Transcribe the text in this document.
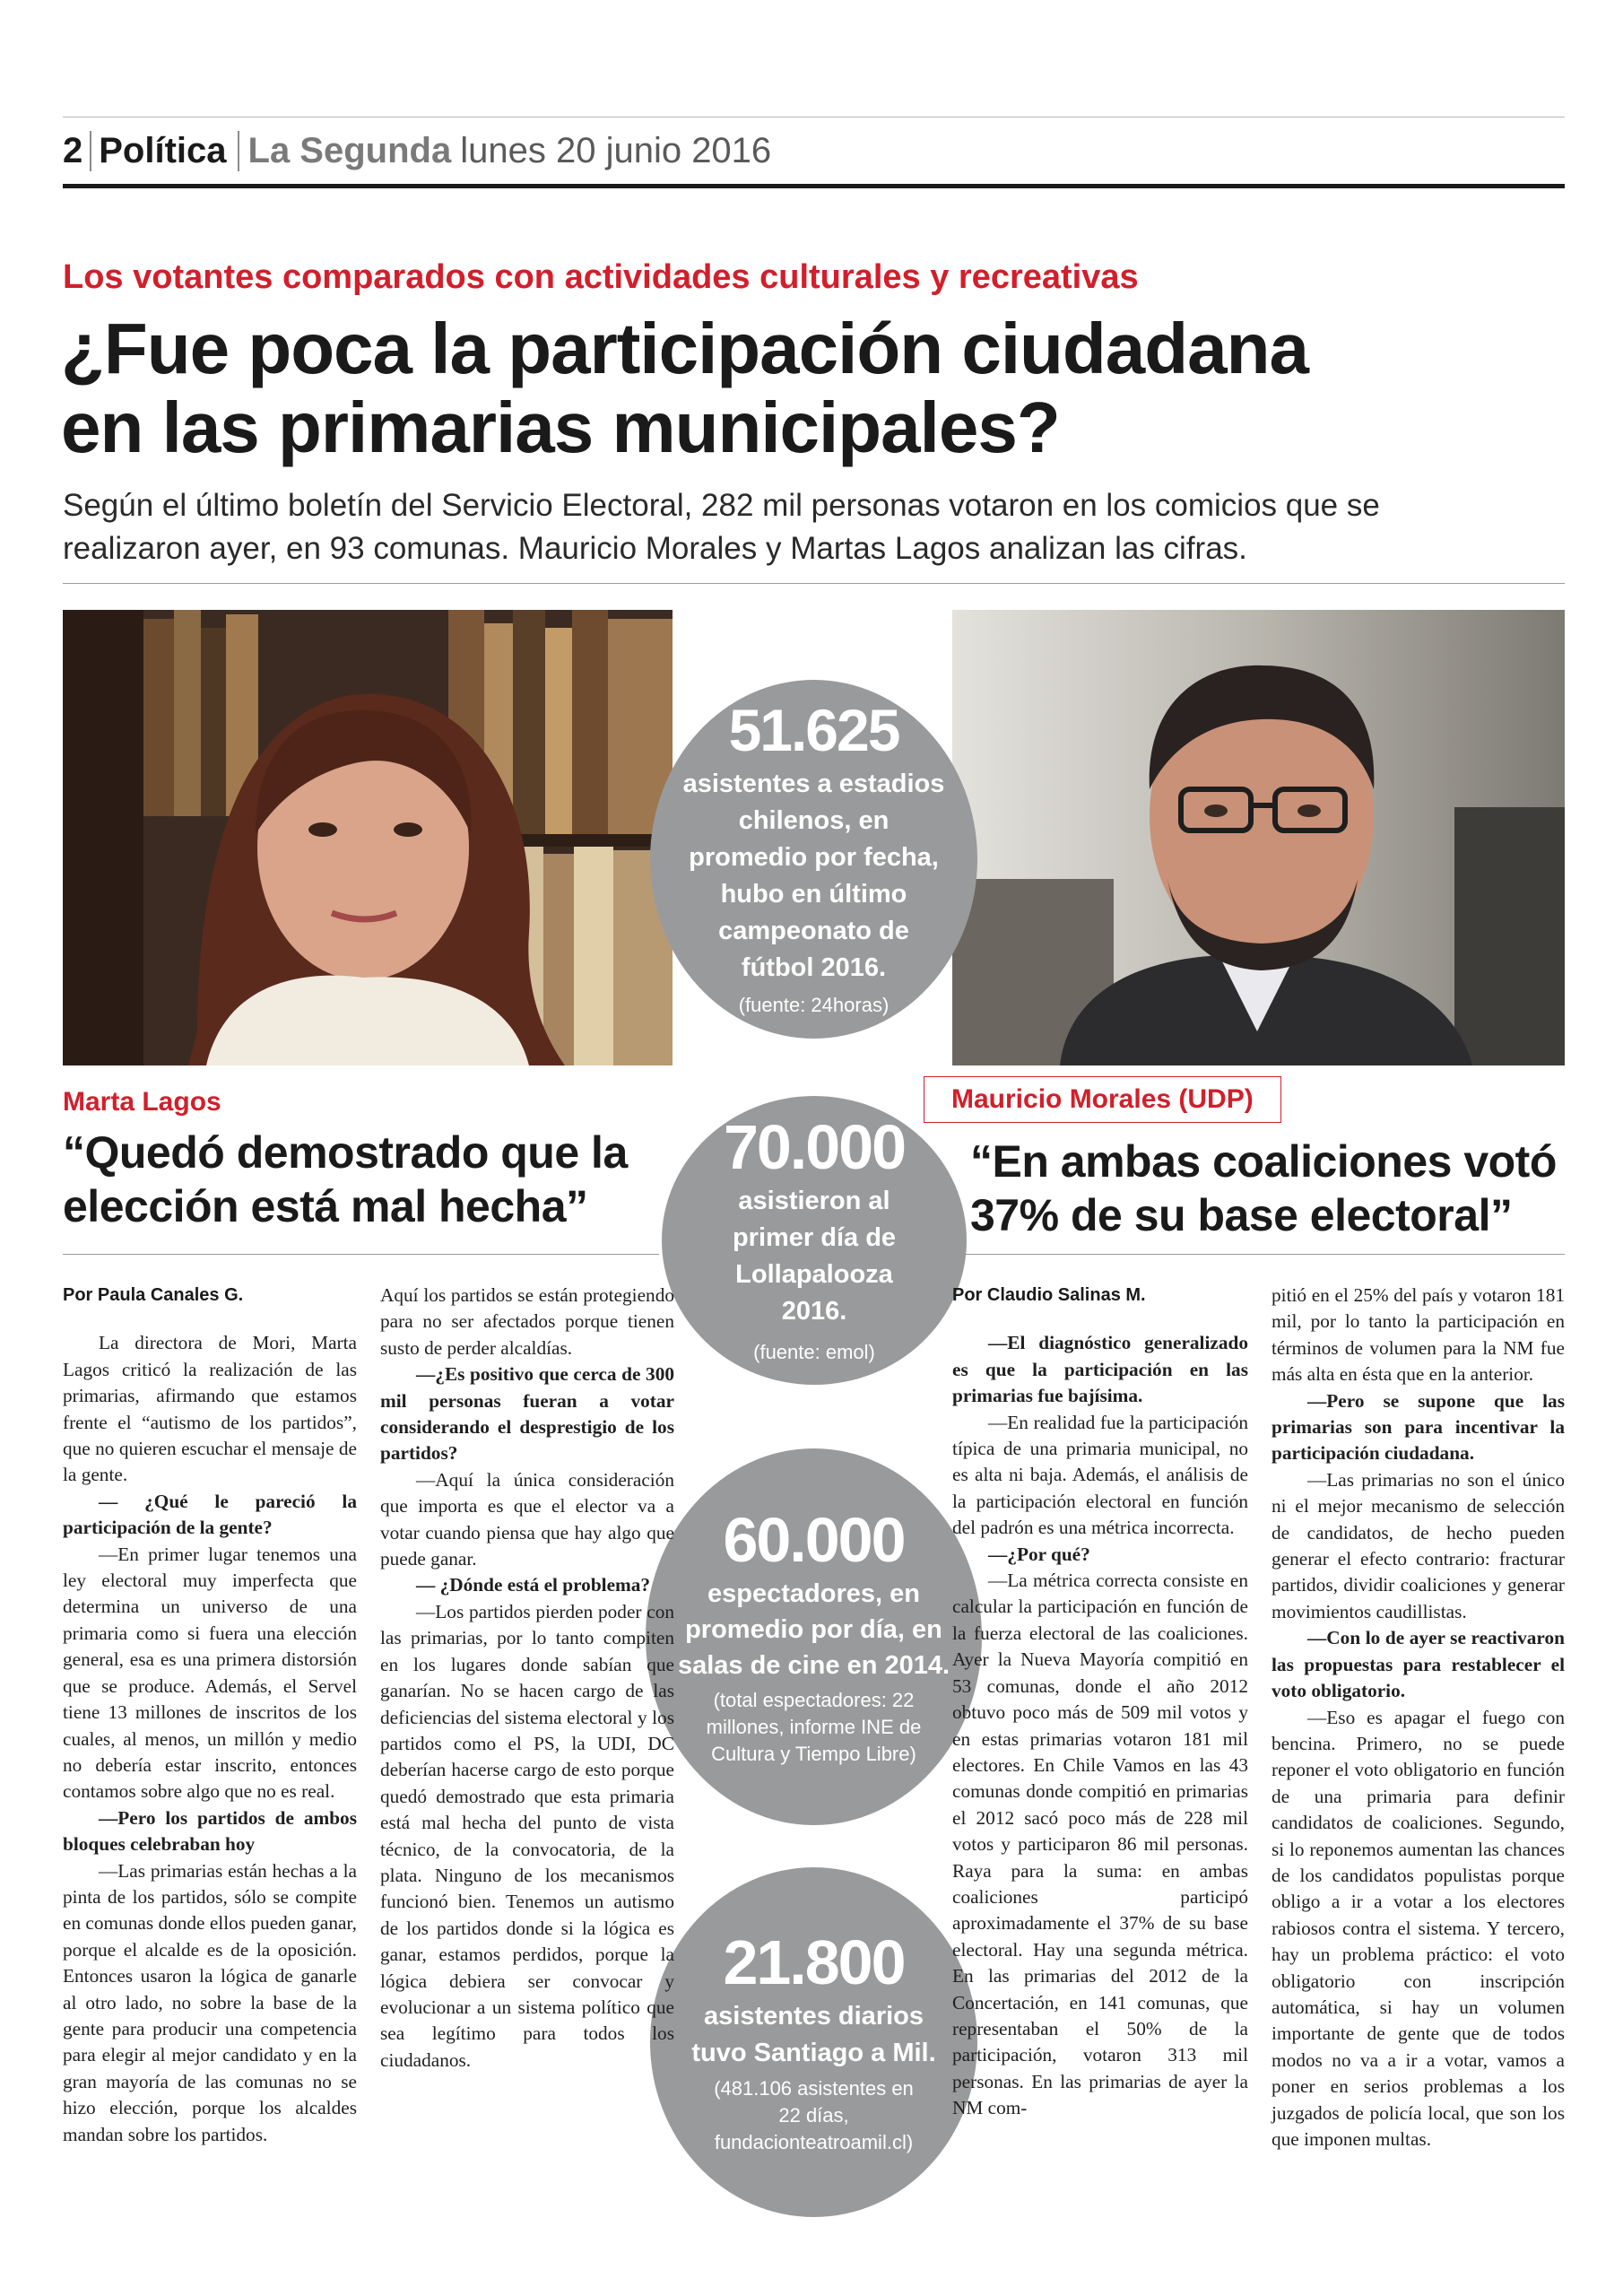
2 Política La Segunda lunes 20 junio 2016
Los votantes comparados con actividades culturales y recreativas
¿Fue poca la participación ciudadana
en las primarias municipales?
Según el último boletín del Servicio Electoral, 282 mil personas votaron en los comicios que se realizaron ayer, en 93 comunas. Mauricio Morales y Martas Lagos analizan las cifras.
51.625
asistentes a estadios chilenos, en promedio por fecha, hubo en último campeonato de fútbol 2016.
(fuente: 24horas)
70.000
asistieron al primer día de Lollapalooza 2016.
(fuente: emol)
60.000
espectadores, en promedio por día, en salas de cine en 2014.
(total espectadores: 22 millones, informe INE de Cultura y Tiempo Libre)
21.800
asistentes diarios tuvo Santiago a Mil.
(481.106 asistentes en 22 días, fundacionteatroamil.cl)
Marta Lagos
“Quedó demostrado que la elección está mal hecha”
Mauricio Morales (UDP)
“En ambas coaliciones votó 37% de su base electoral”
Por Paula Canales G.

La directora de Mori, Marta Lagos criticó la realización de las primarias, afirmando que estamos frente el “autismo de los partidos”, que no quieren escuchar el mensaje de la gente.

— ¿Qué le pareció la participación de la gente?

—En primer lugar tenemos una ley electoral muy imperfecta que determina un universo de una primaria como si fuera una elección general, esa es una primera distorsión que se produce. Además, el Servel tiene 13 millones de inscritos de los cuales, al menos, un millón y medio no debería estar inscrito, entonces contamos sobre algo que no es real.

—Pero los partidos de ambos bloques celebraban hoy

—Las primarias están hechas a la pinta de los partidos, sólo se compite en comunas donde ellos pueden ganar, porque el alcalde es de la oposición. Entonces usaron la lógica de ganarle al otro lado, no sobre la base de la gente para producir una competencia para elegir al mejor candidato y en la gran mayoría de las comunas no se hizo elección, porque los alcaldes mandan sobre los partidos.

Aquí los partidos se están protegiendo para no ser afectados porque tienen susto de perder alcaldías.

—¿Es positivo que cerca de 300 mil personas fueran a votar considerando el desprestigio de los partidos?

—Aquí la única consideración que importa es que el elector va a votar cuando piensa que hay algo que puede ganar.

— ¿Dónde está el problema?

—Los partidos pierden poder con las primarias, por lo tanto compiten en los lugares donde sabían que ganarían. No se hacen cargo de las deficiencias del sistema electoral y los partidos como el PS, la UDI, DC deberían hacerse cargo de esto porque quedó demostrado que esta primaria está mal hecha del punto de vista técnico, de la convocatoria, de la plata. Ninguno de los mecanismos funcionó bien. Tenemos un autismo de los partidos donde si la lógica es ganar, estamos perdidos, porque la lógica debiera ser convocar y evolucionar a un sistema político que sea legítimo para todos los ciudadanos.

Por Claudio Salinas M.

—El diagnóstico generalizado es que la participación en las primarias fue bajísima.

—En realidad fue la participación típica de una primaria municipal, no es alta ni baja. Además, el análisis de la participación electoral en función del padrón es una métrica incorrecta.

—¿Por qué?

—La métrica correcta consiste en calcular la participación en función de la fuerza electoral de las coaliciones. Ayer la Nueva Mayoría compitió en 53 comunas, donde el año 2012 obtuvo poco más de 509 mil votos y en estas primarias votaron 181 mil electores. En Chile Vamos en las 43 comunas donde compitió en primarias el 2012 sacó poco más de 228 mil votos y participaron 86 mil personas. Raya para la suma: en ambas coaliciones participó aproximadamente el 37% de su base electoral. Hay una segunda métrica. En las primarias del 2012 de la Concertación, en 141 comunas, que representaban el 50% de la participación, votaron 313 mil personas. En las primarias de ayer la NM com-

pitió en el 25% del país y votaron 181 mil, por lo tanto la participación en términos de volumen para la NM fue más alta en ésta que en la anterior.

—Pero se supone que las primarias son para incentivar la participación ciudadana.

—Las primarias no son el único ni el mejor mecanismo de selección de candidatos, de hecho pueden generar el efecto contrario: fracturar partidos, dividir coaliciones y generar movimientos caudillistas.

—Con lo de ayer se reactivaron las propuestas para restablecer el voto obligatorio.

—Eso es apagar el fuego con bencina. Primero, no se puede reponer el voto obligatorio en función de una primaria para definir candidatos de coaliciones. Segundo, si lo reponemos aumentan las chances de los candidatos populistas porque obligo a ir a votar a los electores rabiosos contra el sistema. Y tercero, hay un problema práctico: el voto obligatorio con inscripción automática, si hay un volumen importante de gente que de todos modos no va a ir a votar, vamos a poner en serios problemas a los juzgados de policía local, que son los que imponen multas.
